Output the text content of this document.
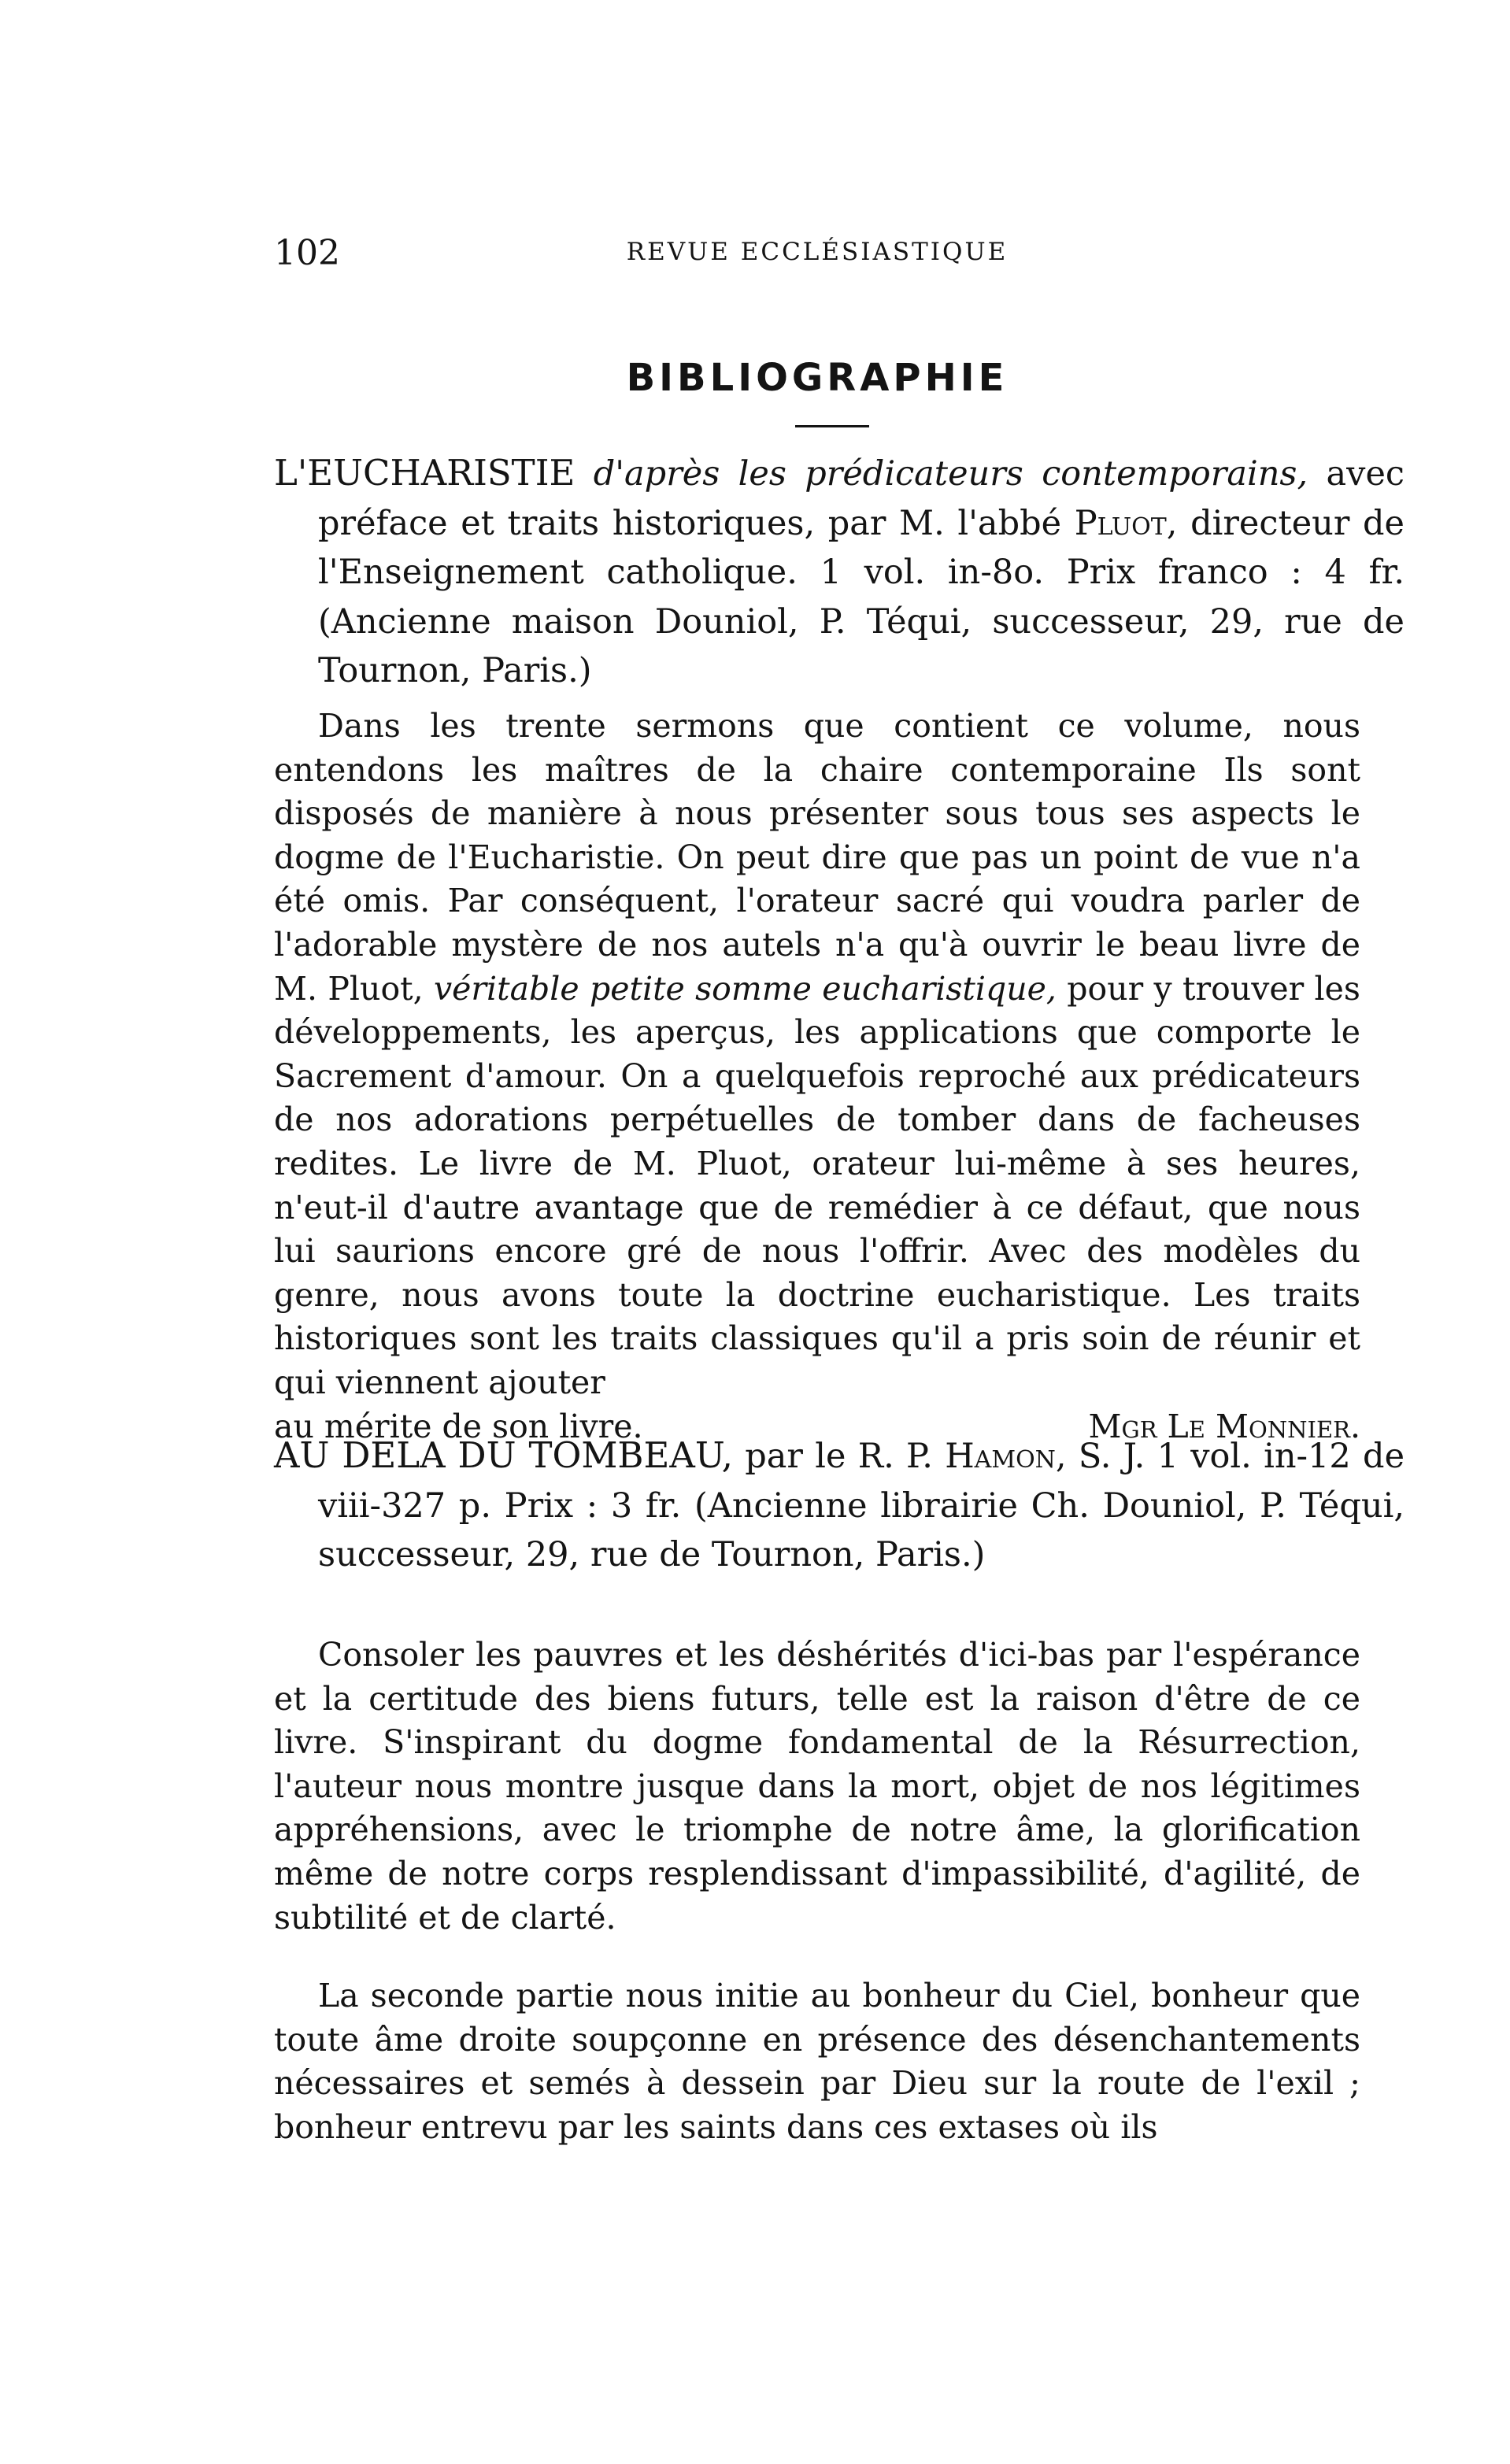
102	REVUE ECCLÉSIASTIQUE
BIBLIOGRAPHIE
L'EUCHARISTIE d'après les prédicateurs contemporains, avec préface et traits historiques, par M. l'abbé Pluot, directeur de l'Enseignement catholique. 1 vol. in-8o. Prix franco : 4 fr. (Ancienne maison Douniol, P. Téqui, successeur, 29, rue de Tournon, Paris.)

Dans les trente sermons que contient ce volume, nous entendons les maîtres de la chaire contemporaine Ils sont disposés de manière à nous présenter sous tous ses aspects le dogme de l'Eucharistie. On peut dire que pas un point de vue n'a été omis. Par conséquent, l'orateur sacré qui voudra parler de l'adorable mystère de nos autels n'a qu'à ouvrir le beau livre de M. Pluot, véritable petite somme eucharistique, pour y trouver les développements, les aperçus, les applications que comporte le Sacrement d'amour. On a quelquefois reproché aux prédicateurs de nos adorations perpétuelles de tomber dans de facheuses redites. Le livre de M. Pluot, orateur lui-même à ses heures, n'eut-il d'autre avantage que de remédier à ce défaut, que nous lui saurions encore gré de nous l'offrir. Avec des modèles du genre, nous avons toute la doctrine eucharistique. Les traits historiques sont les traits classiques qu'il a pris soin de réunir et qui viennent ajouter

au mérite de son livre.	Mgr Le Monnier.

AU DELA DU TOMBEAU, par le R. P. Hamon, S. J. 1 vol. in-12 de viii-327 p. Prix : 3 fr. (Ancienne librairie Ch. Douniol, P. Téqui, successeur, 29, rue de Tournon, Paris.)

Consoler les pauvres et les déshérités d'ici-bas par l'espérance et la certitude des biens futurs, telle est la raison d'être de ce livre. S'inspirant du dogme fondamental de la Résurrection, l'auteur nous montre jusque dans la mort, objet de nos légitimes appréhensions, avec le triomphe de notre âme, la glorification même de notre corps resplendissant d'impassibilité, d'agilité, de subtilité et de clarté.

La seconde partie nous initie au bonheur du Ciel, bonheur que toute âme droite soupçonne en présence des désenchantements nécessaires et semés à dessein par Dieu sur la route de l'exil ; bonheur entrevu par les saints dans ces extases où ils
